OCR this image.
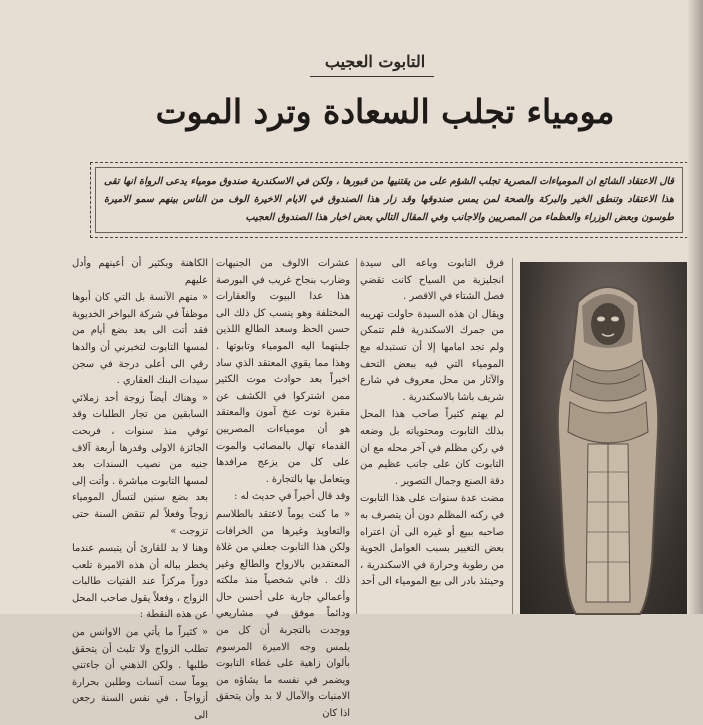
التابوت العجيب
مومياء تجلب السعادة وترد الموت
قال الاعتقاد الشائع ان المومياءات المصرية تجلب الشؤم على من يقتنيها من قبورها ، ولكن في الاسكندرية صندوق مومياء يدعى الرواة انها تقى هذا الاعتقاد وتنطق الخير والبركة والصحة لمن يمس صندوقها وقد زار هذا الصندوق في الايام الاخيرة الوف من الناس بينهم سمو الاميرة طوسون وبعض الوزراء والعظماء من المصريين والاجانب وفي المقال التالي بعض اخبار هذا الصندوق العجيب

فرق التابوت وباعه الى سيدة انجليزية من السياح كانت تقضي فصل الشتاء في الاقصر .

ويقال ان هذه السيدة حاولت تهريبه من جمرك الاسكندرية فلم تتمكن ولم تجد امامها إلا أن تستبدله مع المومياء التي فيه ببعض التحف والآثار من محل معروف في شارع شريف باشا بالاسكندرية .

لم يهتم كثيراً صاحب هذا المحل بذلك التابوت ومحتوياته بل وضعه في ركن مظلم في آخر محله مع ان التابوت كان على جانب عظيم من دقة الصنع وجمال التصوير .

مضت عدة سنوات على هذا التابوت في ركنه المظلم دون أن يتصرف به صاحبه ببيع أو غيره الى أن اعتراه بعض التغيير بسبب العوامل الجوية من رطوبة وحرارة في الاسكندرية ، وحينئذ بادر الى بيع المومياء الى أحد

عشرات الالوف من الجنيهات وضارب بنجاح غريب في البورصة هذا عدا البيوت والعقارات المختلفة وهو ينسب كل ذلك الى حسن الحظ وسعد الطالع اللذين جلبتهما اليه المومياء وتابوتها . وهذا مما يقوي المعتقد الذي ساد اخيراً بعد حوادث موت الكثير ممن اشتركوا في الكشف عن مقبرة توت عنخ آمون والمعتقد هو أن مومياءات المصريين القدماء تهال بالمصائب والموت على كل من يزعج مرافدها ويتعامل بها بالتجارة .

وقد قال أخيراً في حديث له :

« ما كنت يوماً لاعتقد بالطلاسم والتعاويذ وغيرها من الخرافات ولكن هذا التابوت جعلني من غلاة المعتقدين بالارواح والطالع وغير ذلك . فاني شخصياً منذ ملكته وأعمالي جارية على أحسن حال ودائماً موفق في مشاريعي ووجدت بالتجربة أن كل من يلمس وجه الاميرة المرسوم بألوان زاهية على غطاء التابوت ويضمر في نفسه ما يشاؤه من الامنيات والآمال لا بد وأن يتحقق اذا كان

الكاهنة وبكثير أن أعينهم وأدل عليهم

« منهم الآنسة بل التي كان أبوها موظفاً في شركة البواخر الخديوية فقد أتت الى بعد بضع أيام من لمسها التابوت لتخبرني أن والدها رقي الى أعلى درجة في سجن سيدات البنك العقاري .

« وهناك أيضاً زوجة أحد زملائي السابقين من تجار الطلبات وقد توفي منذ سنوات ، فربحت الجائزة الاولى وقدرها أربعة آلاف جنيه من نصيب السندات بعد لمسها التابوت مباشرة . وأتت إلى بعد بضع سنين لتسأل المومياء زوجاً وفعلاً لم تنقض السنة حتى تزوجت »

وهنا لا بد للقارئ أن يتبسم عندما يخطر بباله أن هذه الاميرة تلعب دوراً مركزاً عند الفتيات طالبات الزواج ، وفعلاً يقول صاحب المحل عن هذه النقطة :

« كثيراً ما يأتي من الاوانس من تطلب الزواج ولا تلبث أن يتحقق طلبها . ولكن الذهني أن جاءتني يوماً ست آنسات وطلبن بحرارة أزواجاً ، في نفس السنة رجعن الى
